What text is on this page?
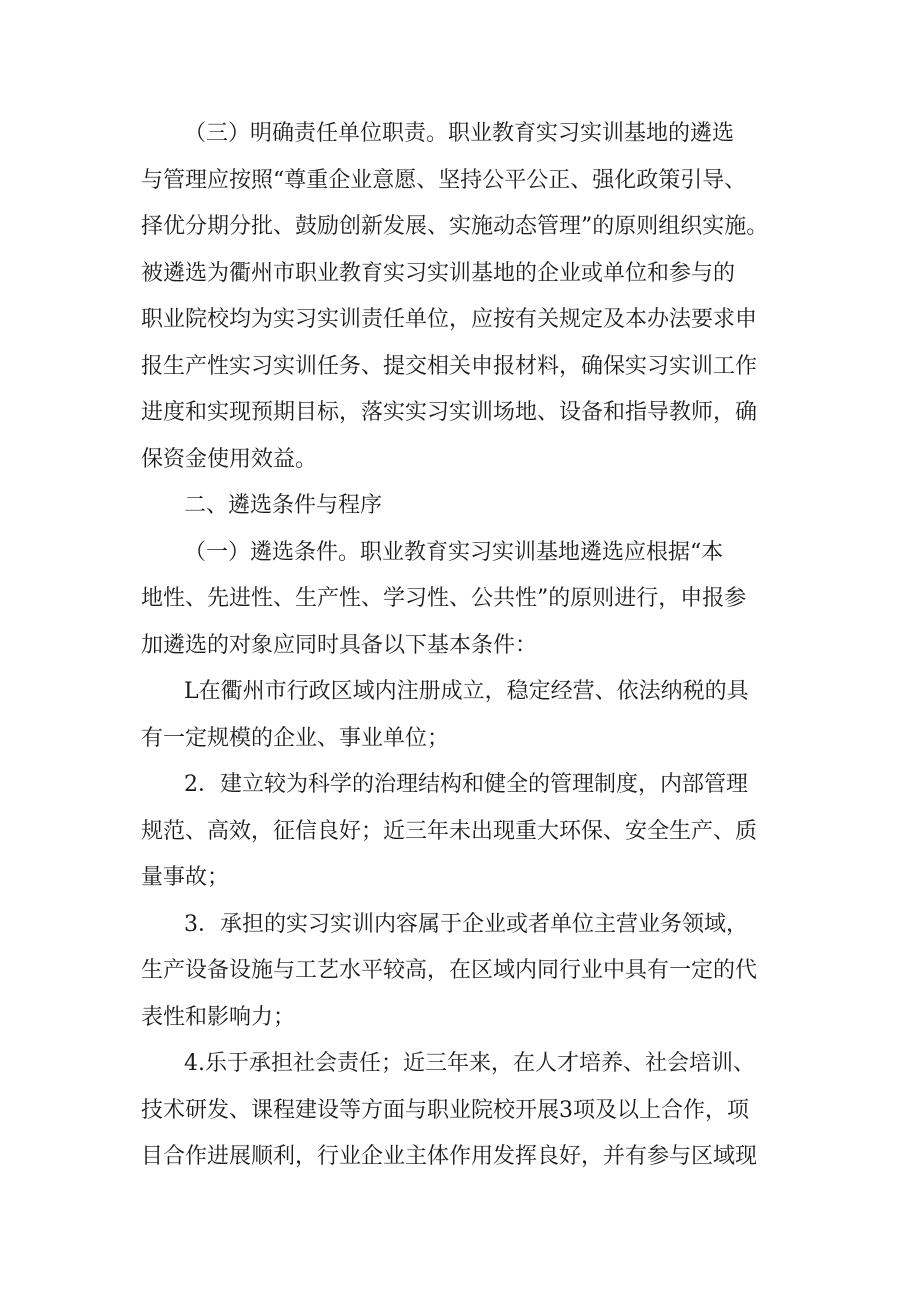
（三）明确责任单位职责。职业教育实习实训基地的遴选
与管理应按照“尊重企业意愿、坚持公平公正、强化政策引导、
择优分期分批、鼓励创新发展、实施动态管理”的原则组织实施。
被遴选为衢州市职业教育实习实训基地的企业或单位和参与的
职业院校均为实习实训责任单位，应按有关规定及本办法要求申
报生产性实习实训任务、提交相关申报材料，确保实习实训工作
进度和实现预期目标，落实实习实训场地、设备和指导教师，确
保资金使用效益。
二、遴选条件与程序
（一）遴选条件。职业教育实习实训基地遴选应根据“本
地性、先进性、生产性、学习性、公共性”的原则进行，申报参
加遴选的对象应同时具备以下基本条件：
L在衢州市行政区域内注册成立，稳定经营、依法纳税的具
有一定规模的企业、事业单位；
2．建立较为科学的治理结构和健全的管理制度，内部管理
规范、高效，征信良好；近三年未出现重大环保、安全生产、质
量事故；
3．承担的实习实训内容属于企业或者单位主营业务领域，
生产设备设施与工艺水平较高，在区域内同行业中具有一定的代
表性和影响力；
4.乐于承担社会责任；近三年来，在人才培养、社会培训、
技术研发、课程建设等方面与职业院校开展3项及以上合作，项
目合作进展顺利，行业企业主体作用发挥良好，并有参与区域现
